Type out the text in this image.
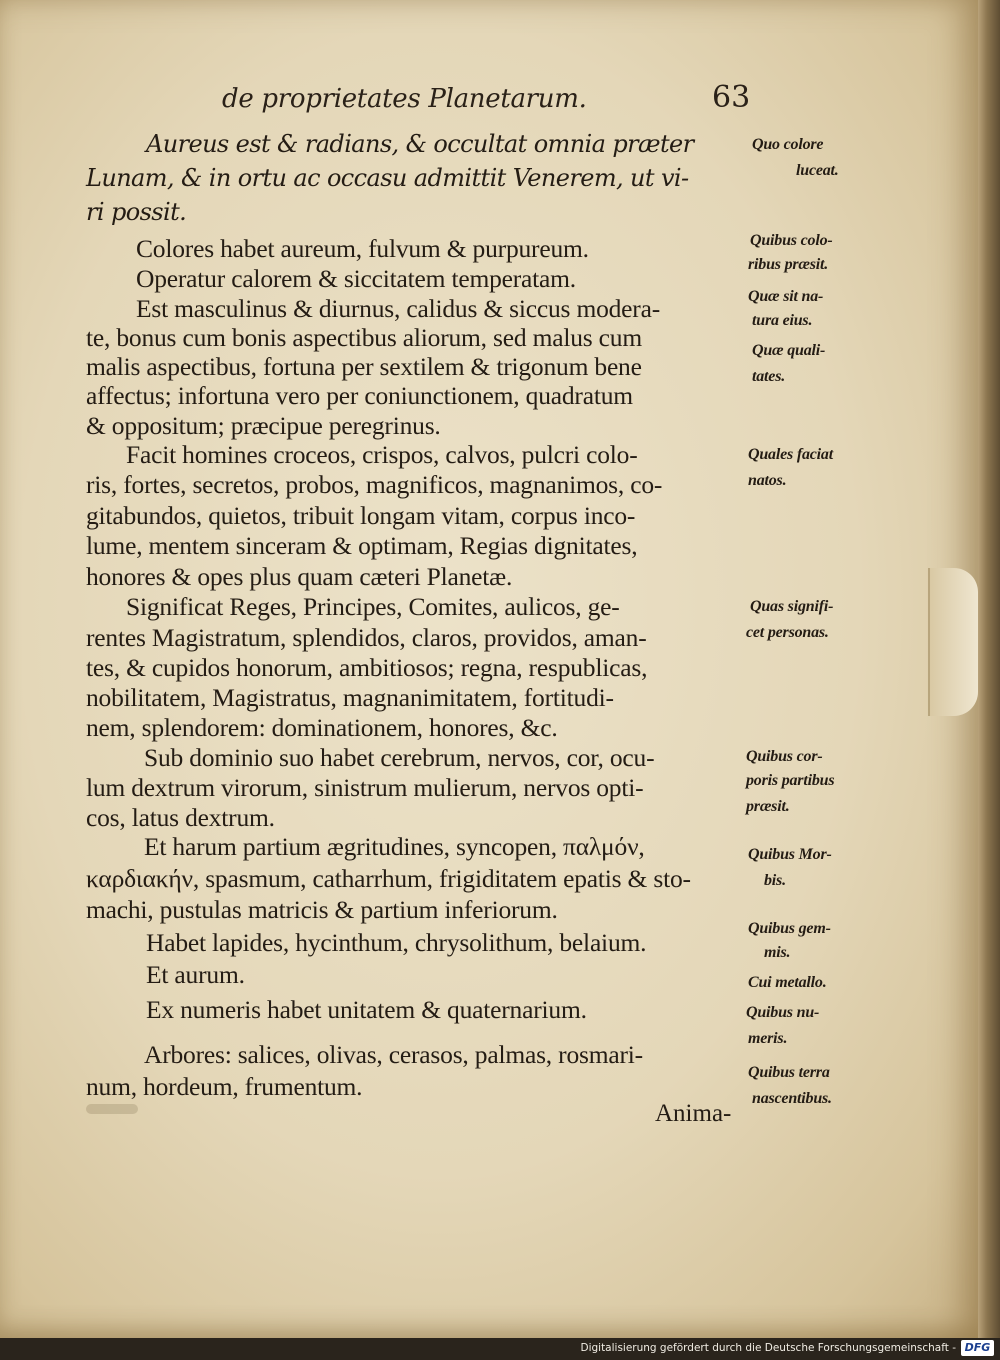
de proprietates Planetarum.	63
Aureus est & radians, & occultat omnia præter
Lunam, & in ortu ac occasu admittit Venerem, ut vi-
ri possit.
Colores habet aureum, fulvum & purpureum.
Operatur calorem & siccitatem temperatam.
Est masculinus & diurnus, calidus & siccus modera-
te, bonus cum bonis aspectibus aliorum, sed malus cum
malis aspectibus, fortuna per sextilem & trigonum bene
affectus; infortuna vero per coniunctionem, quadratum
& oppositum; præcipue peregrinus.
Facit homines croceos, crispos, calvos, pulcri colo-
ris, fortes, secretos, probos, magnificos, magnanimos, co-
gitabundos, quietos, tribuit longam vitam, corpus inco-
lume, mentem sinceram & optimam, Regias dignitates,
honores & opes plus quam cæteri Planetæ.
Significat Reges, Principes, Comites, aulicos, ge-
rentes Magistratum, splendidos, claros, providos, aman-
tes, & cupidos honorum, ambitiosos; regna, respublicas,
nobilitatem, Magistratus, magnanimitatem, fortitudi-
nem, splendorem: dominationem, honores, &c.
Sub dominio suo habet cerebrum, nervos, cor, ocu-
lum dextrum virorum, sinistrum mulierum, nervos opti-
cos, latus dextrum.
Et harum partium ægritudines, syncopen, παλμόν,
καρδιακήν, spasmum, catharrhum, frigiditatem epatis & sto-
machi, pustulas matricis & partium inferiorum.
Habet lapides, hycinthum, chrysolithum, belaium.
Et aurum.
Ex numeris habet unitatem & quaternarium.
Arbores: salices, olivas, cerasos, palmas, rosmari-
num, hordeum, frumentum.
Quo colore
luceat.
Quibus colo-
ribus præsit.
Quæ sit na-
tura eius.
Quæ quali-
tates.
Quales faciat
natos.
Quas signifi-
cet personas.
Quibus cor-
poris partibus
præsit.
Quibus Mor-
bis.
Quibus gem-
mis.
Cui metallo.
Quibus nu-
meris.
Quibus terra
nascentibus.
Anima-
Digitalisierung gefördert durch die Deutsche Forschungsgemeinschaft - DFG
